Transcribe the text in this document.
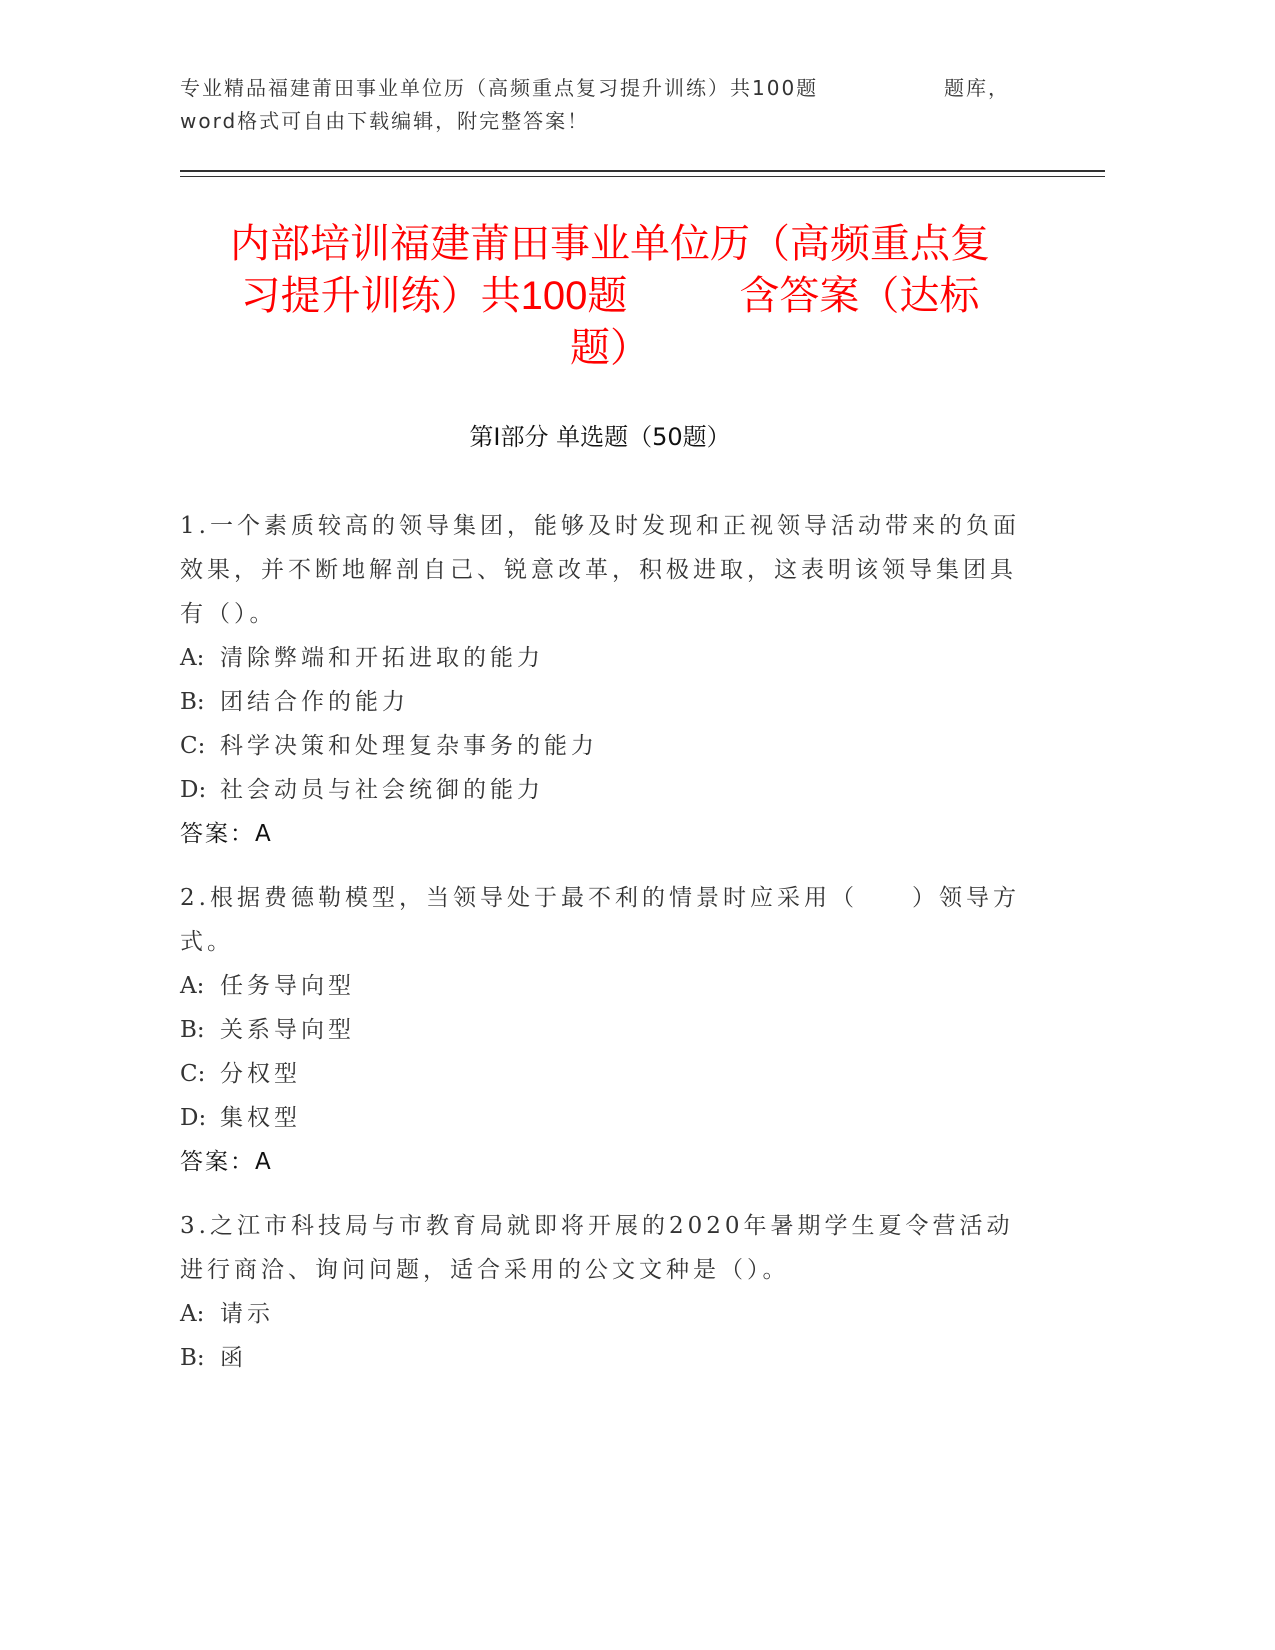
专业精品福建莆田事业单位历（高频重点复习提升训练）共100题	题库，
word格式可自由下载编辑，附完整答案！
内部培训福建莆田事业单位历（高频重点复
习提升训练）共100题	含答案（达标
题）
第I部分 单选题（50题）
1.一个素质较高的领导集团，能够及时发现和正视领导活动带来的负面效果，并不断地解剖自己、锐意改革，积极进取，这表明该领导集团具有（）。
A: 清除弊端和开拓进取的能力
B: 团结合作的能力
C: 科学决策和处理复杂事务的能力
D: 社会动员与社会统御的能力
答案：A
2.根据费德勒模型，当领导处于最不利的情景时应采用（　　）领导方式。
A: 任务导向型
B: 关系导向型
C: 分权型
D: 集权型
答案：A
3.之江市科技局与市教育局就即将开展的2020年暑期学生夏令营活动进行商洽、询问问题，适合采用的公文文种是（）。
A: 请示
B: 函
